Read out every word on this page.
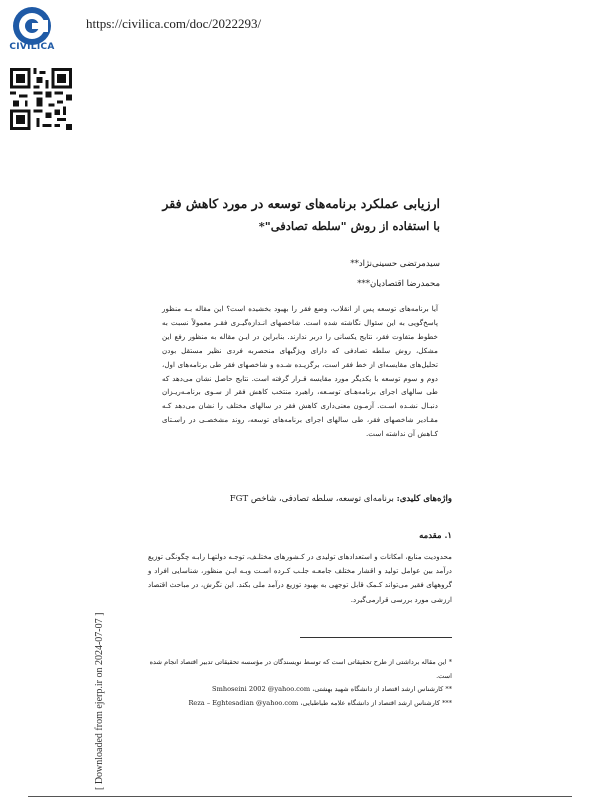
CIVILICA
https://civilica.com/doc/2022293/
ارزیابی عملکرد برنامه‌های توسعه در مورد کاهش فقر
با استفاده از روش "سلطه تصادفی"*
سیدمرتضی حسینی‌نژاد**
محمدرضا اقتصادیان***
آیا برنامه‌های توسعه پس از انقلاب، وضع فقر را بهبود بخشیده است؟ این مقاله بـه منظور پاسخ‌گویی به این سئوال نگاشته شده است. شاخصهای انـدازه‌گیـری فقـر معمولاً نسبت به خطوط متفاوت فقر، نتایج یکسانی را دربر ندارند. بنابراین در ایـن مقاله به منظور رفع این مشکل، روش سلطه تصادفی که دارای ویژگیهای منحصربه فردی نظیر مستقل بودن تحلیل‌های مقایسه‌ای از خط فقر است، برگزیـده شـده و شاخصهای فقر طی برنامه‌های اول، دوم و سوم توسعه با یکدیگر مورد مقایسه قـرار گرفته است. نتایج حاصل نشان می‌دهد که طی سالهای اجرای برنامه‌هـای توسـعه، راهبرد منتخب کاهش فقر از سـوی برنامـه‌ریـزان دنبـال نشـده اسـت. آزمـون معنی‌داری کاهش فقر در سالهای مختلف را نشان می‌دهد کـه مقـادیر شاخصهای فقر، طی سالهای اجرای برنامه‌های توسعه، روند مشخصـی در راسـتای کـاهش آن نداشته است.
واژه‌های کلیدی: برنامه‌ای توسعه، سلطه تصادفی، شاخص FGT
۱. مقدمه
محدودیت منابع، امکانات و استعدادهای تولیدی در کـشورهای مختلـف، توجـه دولتهـا رابـه چگونگی توزیع درآمد بین عوامل تولید و اقشار مختلف جامعـه جلـب کـرده اسـت وبـه ایـن منظور، شناسایی افراد و گروههای فقیر می‌تواند کـمک قابل توجهی به بهبود توزیع درآمد ملی بکند. این نگرش، در مباحث اقتصاد ارزشی مورد بررسی قرارمی‌گیرد.
* این مقاله برداشتی از طرح تحقیقاتی است که توسط نویسندگان در مؤسسه تحقیقاتی تدبیر اقتصاد انجام شده است.
** کارشناس ارشد اقتصاد از دانشگاه شهید بهشتی، Smhoseini 2002 @yahoo.com
*** کارشناس ارشد اقتصاد از دانشگاه علامه طباطبایی، Reza – Eghtesadian @yahoo.com
[ Downloaded from ejerp.ir on 2024-07-07 ]
